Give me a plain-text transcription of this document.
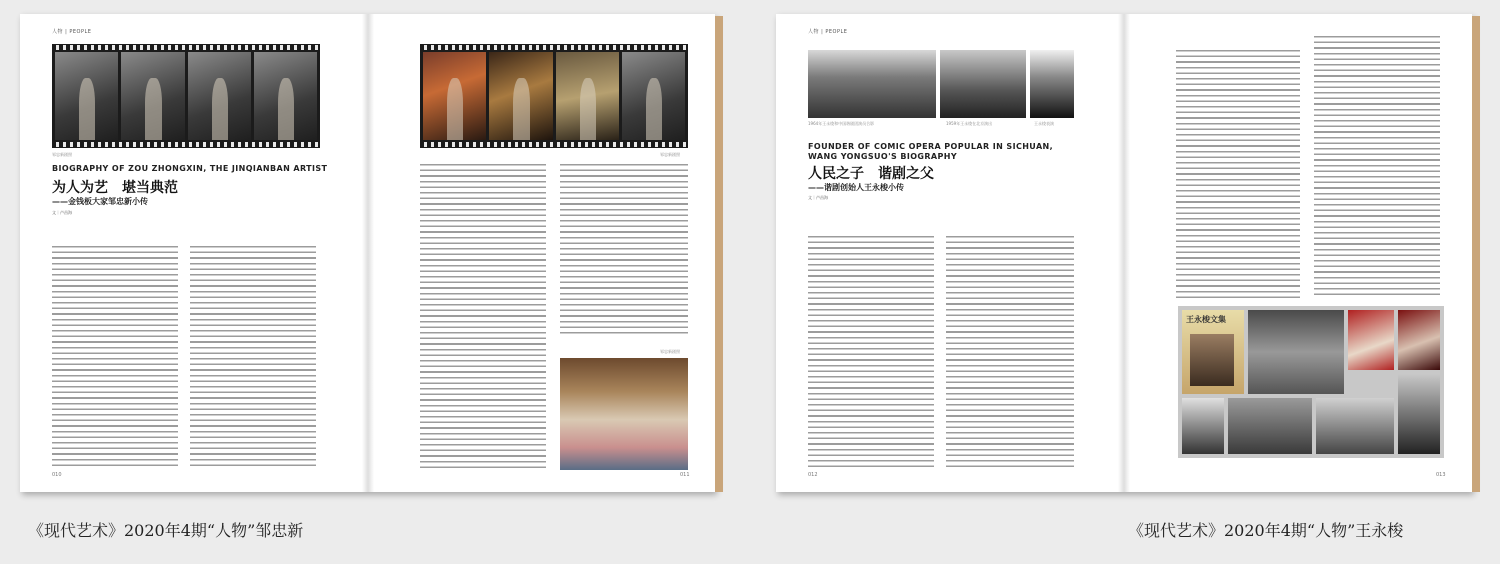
人物 | PEOPLE
邹忠新剧照
BIOGRAPHY OF ZOU ZHONGXIN, THE JINQIANBAN ARTIST
为人为艺　堪当典范
——金钱板大家邹忠新小传
文｜卢昌海
邹忠新剧照
邹忠新剧照
010	011
人物 | PEOPLE
1964年王永梭和中国谐剧团演员合影	1959年王永梭在北京演出	王永梭表演
FOUNDER OF COMIC OPERA POPULAR IN SICHUAN,
WANG YONGSUO'S BIOGRAPHY
人民之子　谐剧之父
——谐剧创始人王永梭小传
文｜卢昌海
王永梭文集
012	013
《现代艺术》2020年4期“人物”邹忠新	《现代艺术》2020年4期“人物”王永梭
